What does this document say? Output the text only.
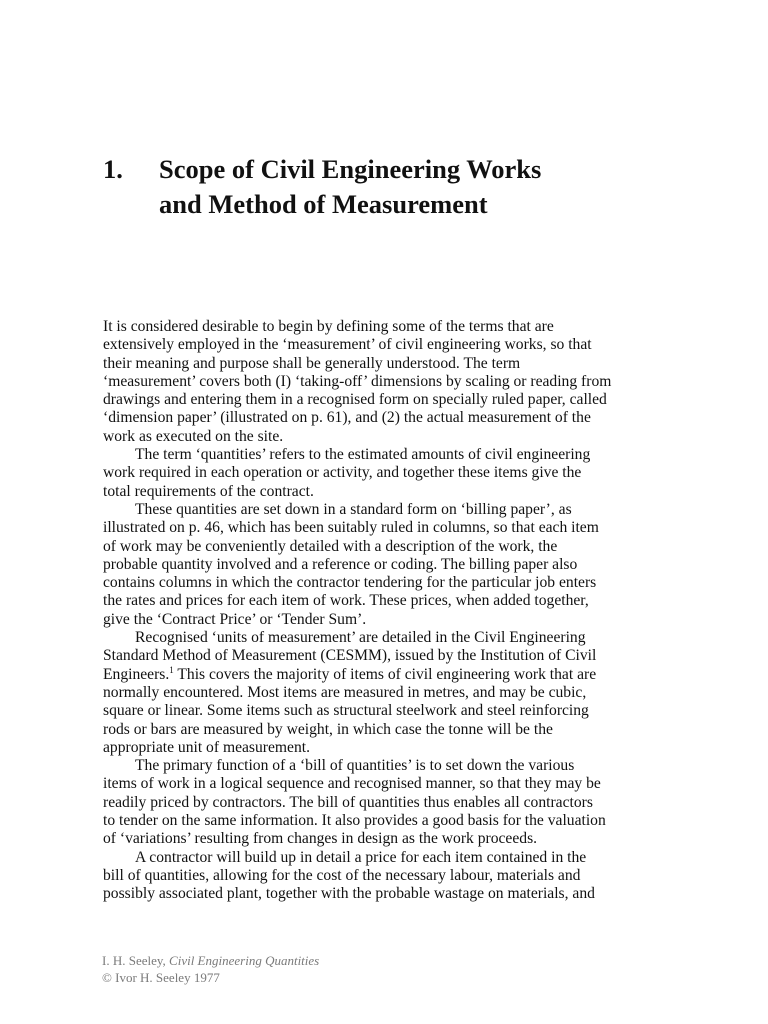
1. Scope of Civil Engineering Works
and Method of Measurement

It is considered desirable to begin by defining some of the terms that are
extensively employed in the ‘measurement’ of civil engineering works, so that
their meaning and purpose shall be generally understood. The term
‘measurement’ covers both (I) ‘taking-off’ dimensions by scaling or reading from
drawings and entering them in a recognised form on specially ruled paper, called
‘dimension paper’ (illustrated on p. 61), and (2) the actual measurement of the
work as executed on the site.

The term ‘quantities’ refers to the estimated amounts of civil engineering
work required in each operation or activity, and together these items give the
total requirements of the contract.

These quantities are set down in a standard form on ‘billing paper’, as
illustrated on p. 46, which has been suitably ruled in columns, so that each item
of work may be conveniently detailed with a description of the work, the
probable quantity involved and a reference or coding. The billing paper also
contains columns in which the contractor tendering for the particular job enters
the rates and prices for each item of work. These prices, when added together,
give the ‘Contract Price’ or ‘Tender Sum’.

Recognised ‘units of measurement’ are detailed in the Civil Engineering
Standard Method of Measurement (CESMM), issued by the Institution of Civil
Engineers.$^1$ This covers the majority of items of civil engineering work that are
normally encountered. Most items are measured in metres, and may be cubic,
square or linear. Some items such as structural steelwork and steel reinforcing
rods or bars are measured by weight, in which case the tonne will be the
appropriate unit of measurement.

The primary function of a ‘bill of quantities’ is to set down the various
items of work in a logical sequence and recognised manner, so that they may be
readily priced by contractors. The bill of quantities thus enables all contractors
to tender on the same information. It also provides a good basis for the valuation
of ‘variations’ resulting from changes in design as the work proceeds.

A contractor will build up in detail a price for each item contained in the
bill of quantities, allowing for the cost of the necessary labour, materials and
possibly associated plant, together with the probable wastage on materials, and

I. H. Seeley, Civil Engineering Quantities
© Ivor H. Seeley 1977
